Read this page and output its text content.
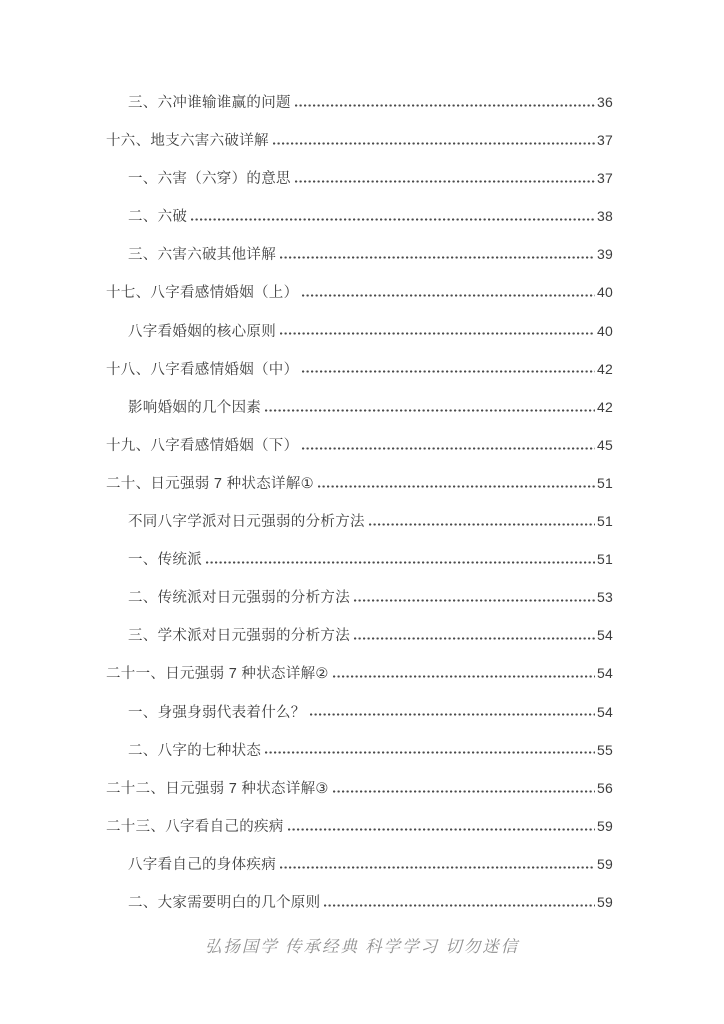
三、六冲谁输谁赢的问题	36
十六、地支六害六破详解	37
一、六害（六穿）的意思	37
二、六破	38
三、六害六破其他详解	39
十七、八字看感情婚姻（上）	40
八字看婚姻的核心原则	40
十八、八字看感情婚姻（中）	42
影响婚姻的几个因素	42
十九、八字看感情婚姻（下）	45
二十、日元强弱 7 种状态详解①	51
不同八字学派对日元强弱的分析方法	51
一、传统派	51
二、传统派对日元强弱的分析方法	53
三、学术派对日元强弱的分析方法	54
二十一、日元强弱 7 种状态详解②	54
一、身强身弱代表着什么？	54
二、八字的七种状态	55
二十二、日元强弱 7 种状态详解③	56
二十三、八字看自己的疾病	59
八字看自己的身体疾病	59
二、大家需要明白的几个原则	59
弘扬国学 传承经典 科学学习 切勿迷信
